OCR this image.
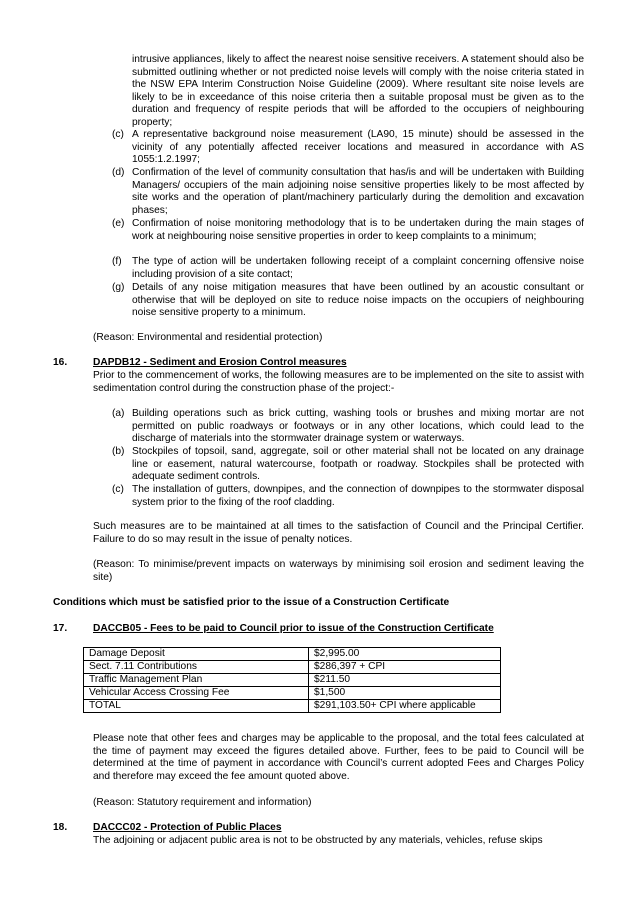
intrusive appliances, likely to affect the nearest noise sensitive receivers. A statement should also be submitted outlining whether or not predicted noise levels will comply with the noise criteria stated in the NSW EPA Interim Construction Noise Guideline (2009). Where resultant site noise levels are likely to be in exceedance of this noise criteria then a suitable proposal must be given as to the duration and frequency of respite periods that will be afforded to the occupiers of neighbouring property;
(c) A representative background noise measurement (LA90, 15 minute) should be assessed in the vicinity of any potentially affected receiver locations and measured in accordance with AS 1055:1.2.1997;
(d) Confirmation of the level of community consultation that has/is and will be undertaken with Building Managers/ occupiers of the main adjoining noise sensitive properties likely to be most affected by site works and the operation of plant/machinery particularly during the demolition and excavation phases;
(e) Confirmation of noise monitoring methodology that is to be undertaken during the main stages of work at neighbouring noise sensitive properties in order to keep complaints to a minimum;
(f)	The type of action will be undertaken following receipt of a complaint concerning offensive noise including provision of a site contact;
(g) Details of any noise mitigation measures that have been outlined by an acoustic consultant or otherwise that will be deployed on site to reduce noise impacts on the occupiers of neighbouring noise sensitive property to a minimum.
(Reason: Environmental and residential protection)
16.	DAPDB12 - Sediment and Erosion Control measures
Prior to the commencement of works, the following measures are to be implemented on the site to assist with sedimentation control during the construction phase of the project:-
(a) Building operations such as brick cutting, washing tools or brushes and mixing mortar are not permitted on public roadways or footways or in any other locations, which could lead to the discharge of materials into the stormwater drainage system or waterways.
(b) Stockpiles of topsoil, sand, aggregate, soil or other material shall not be located on any drainage line or easement, natural watercourse, footpath or roadway. Stockpiles shall be protected with adequate sediment controls.
(c) The installation of gutters, downpipes, and the connection of downpipes to the stormwater disposal system prior to the fixing of the roof cladding.
Such measures are to be maintained at all times to the satisfaction of Council and the Principal Certifier. Failure to do so may result in the issue of penalty notices.
(Reason: To minimise/prevent impacts on waterways by minimising soil erosion and sediment leaving the site)
Conditions which must be satisfied prior to the issue of a Construction Certificate
17.	DACCB05 - Fees to be paid to Council prior to issue of the Construction Certificate
Damage Deposit	$2,995.00
Sect. 7.11 Contributions	$286,397 + CPI
Traffic Management Plan	$211.50
Vehicular Access Crossing Fee	$1,500
TOTAL	$291,103.50+ CPI where applicable
Please note that other fees and charges may be applicable to the proposal, and the total fees calculated at the time of payment may exceed the figures detailed above. Further, fees to be paid to Council will be determined at the time of payment in accordance with Council’s current adopted Fees and Charges Policy and therefore may exceed the fee amount quoted above.
(Reason: Statutory requirement and information)
18.	DACCC02 - Protection of Public Places
The adjoining or adjacent public area is not to be obstructed by any materials, vehicles, refuse skips
